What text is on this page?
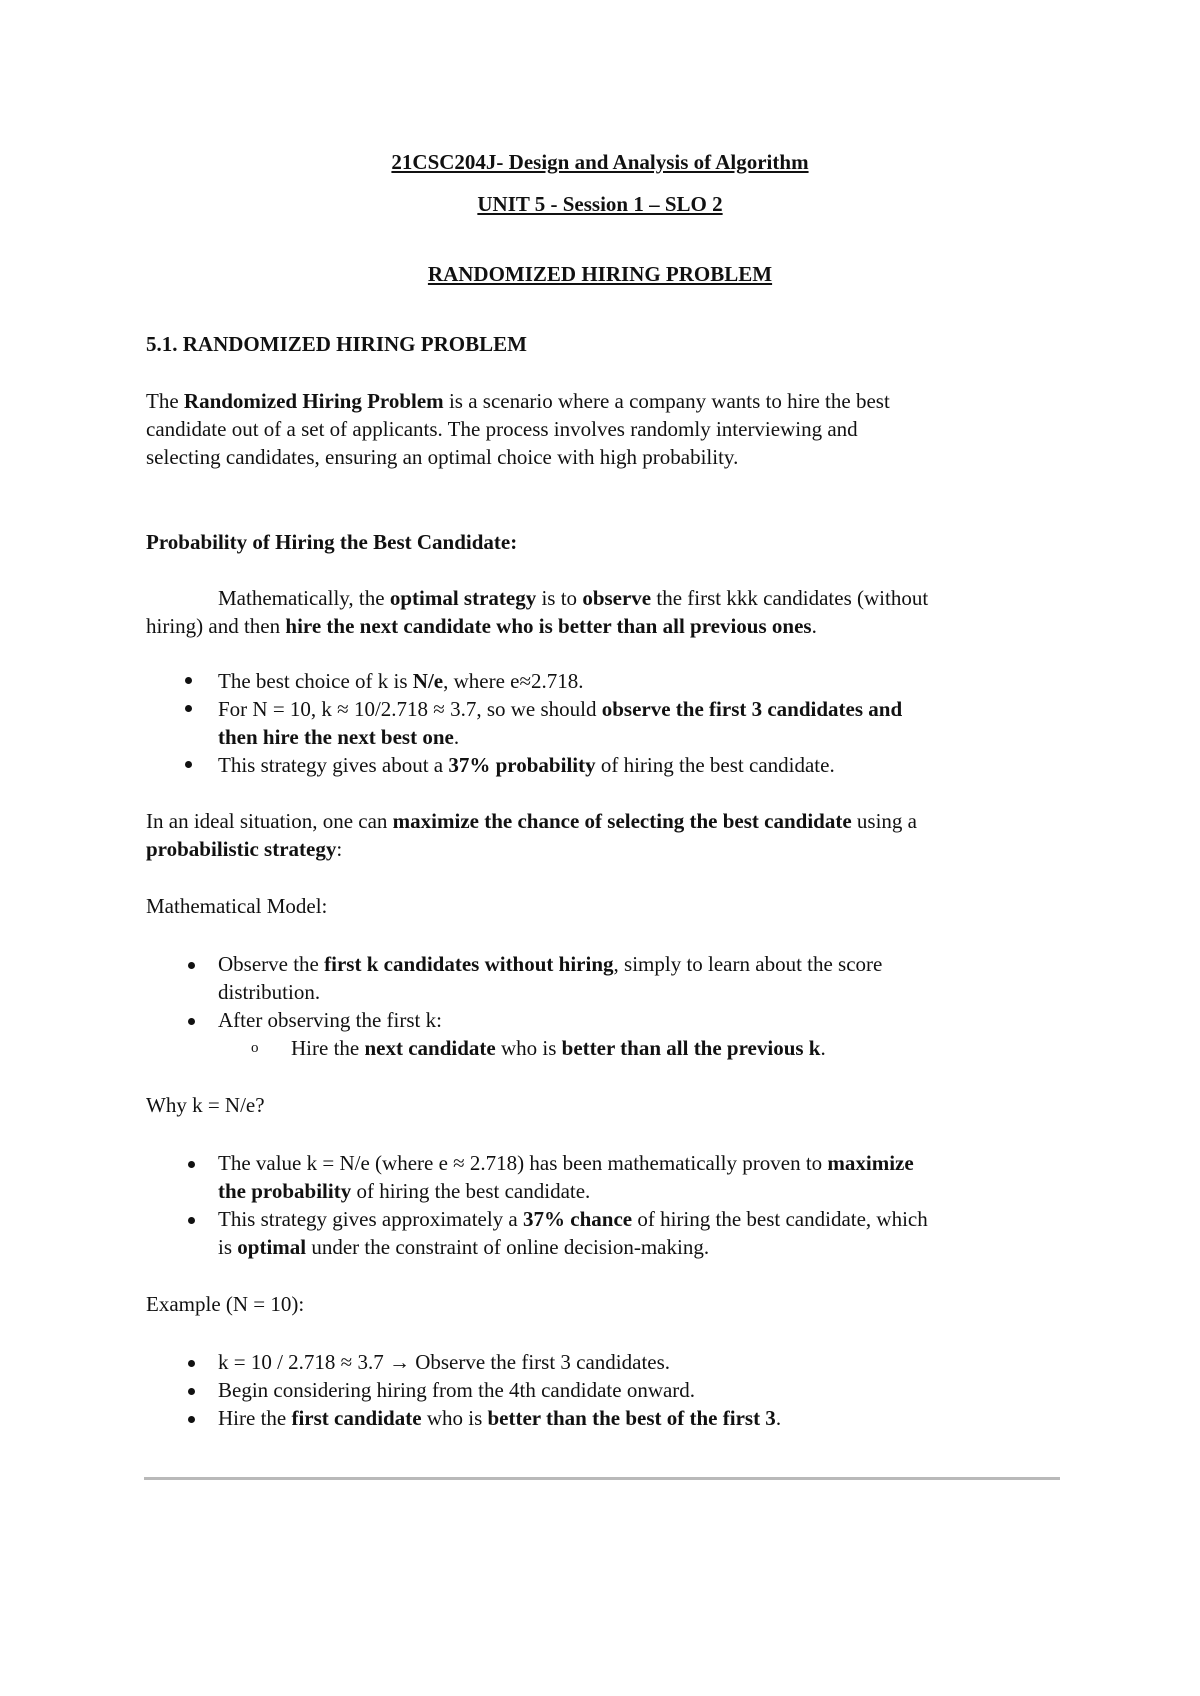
21CSC204J- Design and Analysis of Algorithm
UNIT 5 - Session 1 – SLO 2
RANDOMIZED HIRING PROBLEM
5.1. RANDOMIZED HIRING PROBLEM
The Randomized Hiring Problem is a scenario where a company wants to hire the best
candidate out of a set of applicants. The process involves randomly interviewing and
selecting candidates, ensuring an optimal choice with high probability.
Probability of Hiring the Best Candidate:
Mathematically, the optimal strategy is to observe the first kkk candidates (without
hiring) and then hire the next candidate who is better than all previous ones.
The best choice of k is N/e, where e≈2.718.
For N = 10, k ≈ 10/2.718 ≈ 3.7, so we should observe the first 3 candidates and
then hire the next best one.
This strategy gives about a 37% probability of hiring the best candidate.
In an ideal situation, one can maximize the chance of selecting the best candidate using a
probabilistic strategy:
Mathematical Model:
Observe the first k candidates without hiring, simply to learn about the score
distribution.
After observing the first k:
o Hire the next candidate who is better than all the previous k.
Why k = N/e?
The value k = N/e (where e ≈ 2.718) has been mathematically proven to maximize
the probability of hiring the best candidate.
This strategy gives approximately a 37% chance of hiring the best candidate, which
is optimal under the constraint of online decision-making.
Example (N = 10):
k = 10 / 2.718 ≈ 3.7 → Observe the first 3 candidates.
Begin considering hiring from the 4th candidate onward.
Hire the first candidate who is better than the best of the first 3.
